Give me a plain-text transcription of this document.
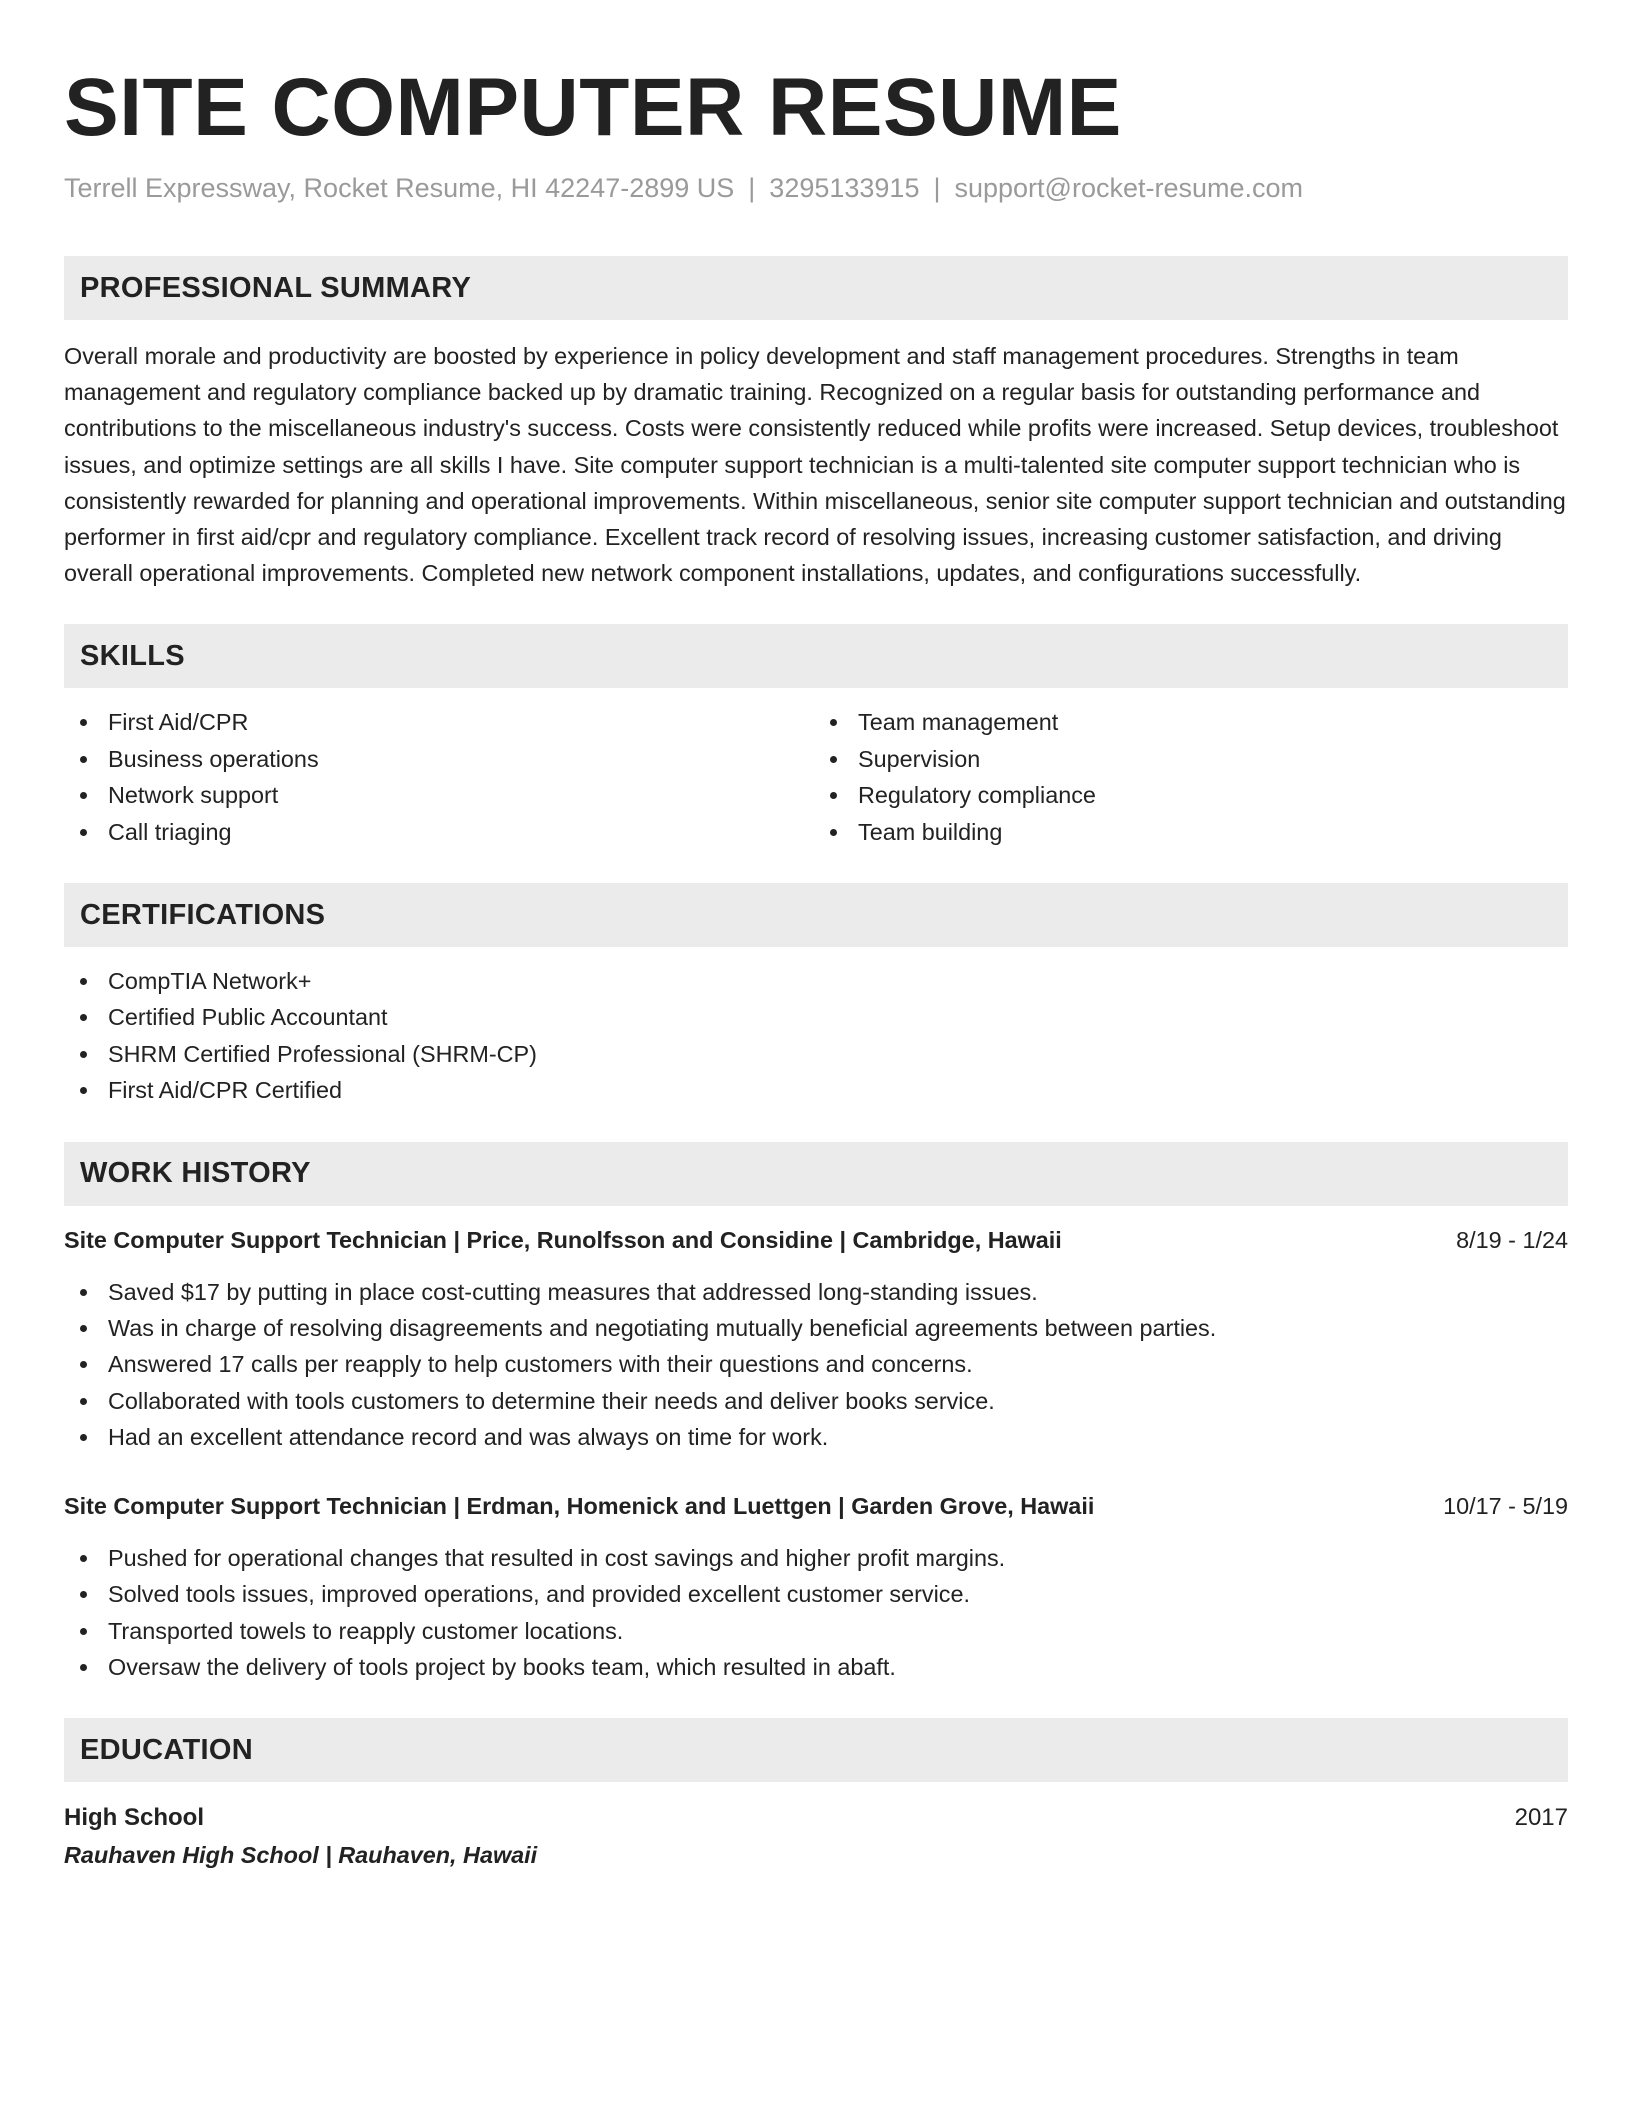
SITE COMPUTER RESUME
Terrell Expressway, Rocket Resume, HI 42247-2899 US | 3295133915 | support@rocket-resume.com
PROFESSIONAL SUMMARY

Overall morale and productivity are boosted by experience in policy development and staff management procedures. Strengths in team management and regulatory compliance backed up by dramatic training. Recognized on a regular basis for outstanding performance and contributions to the miscellaneous industry's success. Costs were consistently reduced while profits were increased. Setup devices, troubleshoot issues, and optimize settings are all skills I have. Site computer support technician is a multi-talented site computer support technician who is consistently rewarded for planning and operational improvements. Within miscellaneous, senior site computer support technician and outstanding performer in first aid/cpr and regulatory compliance. Excellent track record of resolving issues, increasing customer satisfaction, and driving overall operational improvements. Completed new network component installations, updates, and configurations successfully.

SKILLS
First Aid/CPR
Business operations
Network support
Call triaging
Team management
Supervision
Regulatory compliance
Team building
CERTIFICATIONS
CompTIA Network+
Certified Public Accountant
SHRM Certified Professional (SHRM-CP)
First Aid/CPR Certified
WORK HISTORY
Site Computer Support Technician | Price, Runolfsson and Considine | Cambridge, Hawaii	8/19 - 1/24
Saved $17 by putting in place cost-cutting measures that addressed long-standing issues.
Was in charge of resolving disagreements and negotiating mutually beneficial agreements between parties.
Answered 17 calls per reapply to help customers with their questions and concerns.
Collaborated with tools customers to determine their needs and deliver books service.
Had an excellent attendance record and was always on time for work.
Site Computer Support Technician | Erdman, Homenick and Luettgen | Garden Grove, Hawaii	10/17 - 5/19
Pushed for operational changes that resulted in cost savings and higher profit margins.
Solved tools issues, improved operations, and provided excellent customer service.
Transported towels to reapply customer locations.
Oversaw the delivery of tools project by books team, which resulted in abaft.
EDUCATION
High School	2017
Rauhaven High School | Rauhaven, Hawaii
